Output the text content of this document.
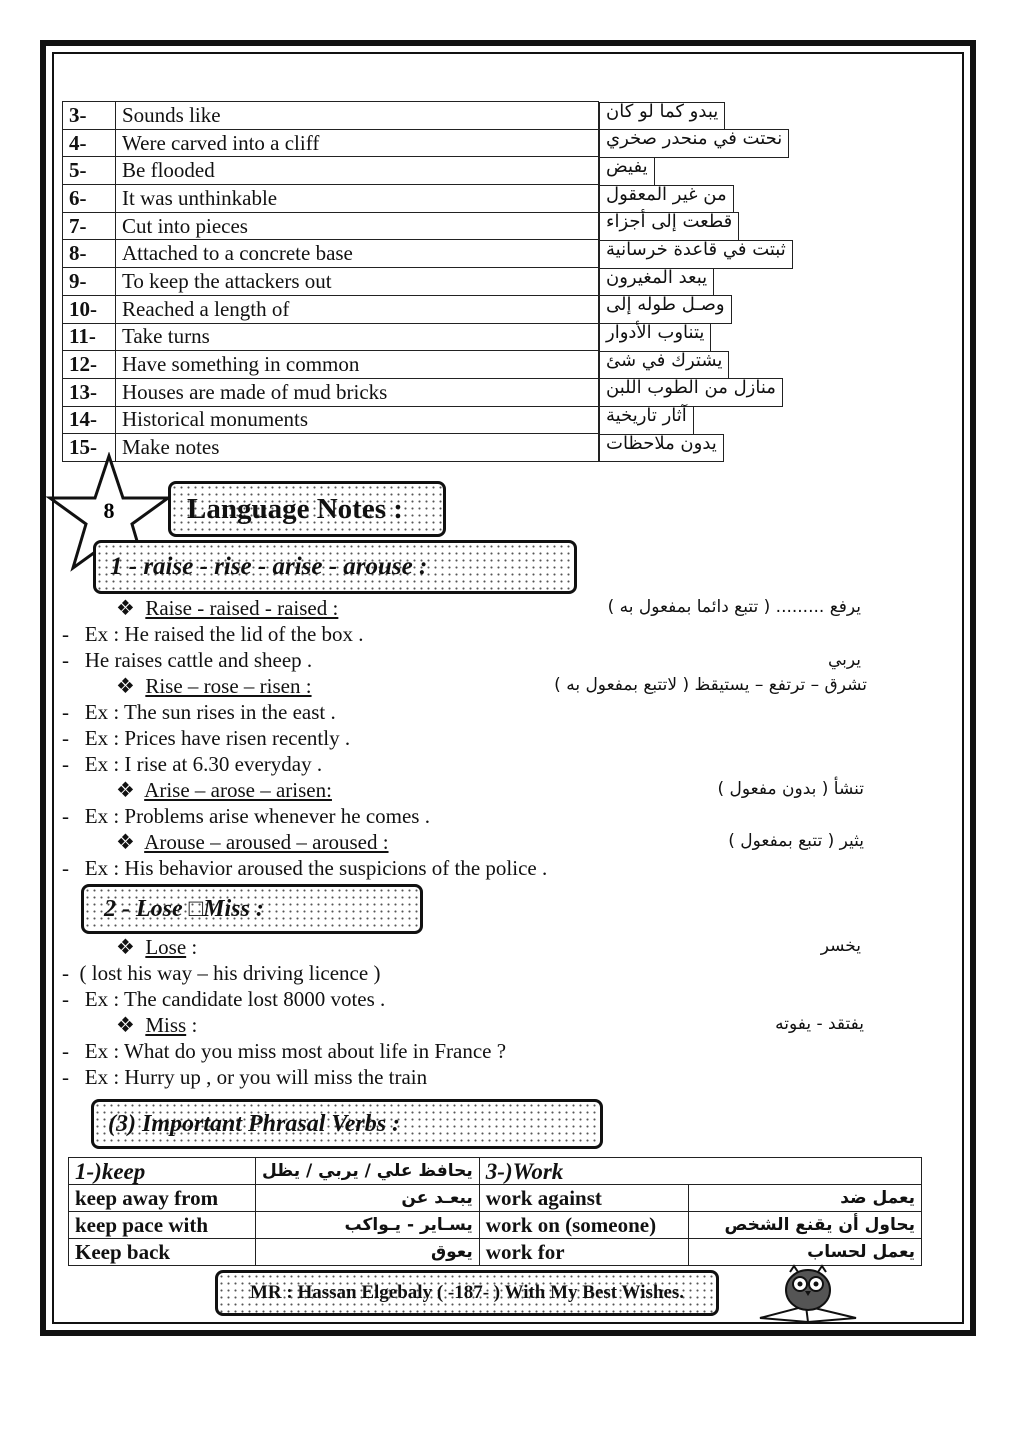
3-	Sounds like		يبدو كما لو كان

4-	Were carved into a cliff		نحتت في منحدر صخري

5-	Be flooded		يفيض

6-	It was unthinkable		من غير المعقول

7-	Cut into pieces		قطعت إلى أجزاء

8-	Attached to a concrete base		ثبتت في قاعدة خرسانية

9-	To keep the attackers out		يبعد المغيرون

10-	Reached a length of		وصـل طوله إلى

11-	Take turns		يتناوب الأدوار

12-	Have something in common		يشترك في شئ

13-	Houses are made of mud bricks		منازل من الطوب اللبن

14-	Historical monuments		آثار تاريخية

15-	Make notes		يدون ملاحظات
8	Language Notes :
1 - raise - rise - arise - arouse :
❖ Raise - raised - raised :	يرفع ......... ( تتبع دائما بمفعول به )
- Ex : He raised the lid of the box .
- He raises cattle and sheep .	يربي
❖ Rise – rose – risen :	تشرق – ترتفع – يستيقظ ( لاتتبع بمفعول به )
- Ex : The sun rises in the east .
- Ex : Prices have risen recently .
- Ex : I rise at 6.30 everyday .
❖ Arise – arose – arisen:	تنشأ ( بدون مفعول )
- Ex : Problems arise whenever he comes .
❖ Arouse – aroused – aroused :	يثير ( تتبع بمفعول )
- Ex : His behavior aroused the suspicions of the police .
2 - Lose □Miss :
❖ Lose :	يخسر
- ( lost his way – his driving licence )
- Ex : The candidate lost 8000 votes .
❖ Miss :	يفتقد - يفوته
- Ex : What do you miss most about life in France ?
- Ex : Hurry up , or you will miss the train
(3) Important Phrasal Verbs :
1-)keep	يحافظ علي / يربي / يظل	3-)Work	
keep away from	يبعـد عن	work against	يعمل ضد
keep pace with	يسـاير - يـواكب	work on (someone)	يحاول أن يقنع الشخص
Keep back	يعوق	work for	يعمل لحساب
MR : Hassan Elgebaly ( -187- ) With My Best Wishes.
